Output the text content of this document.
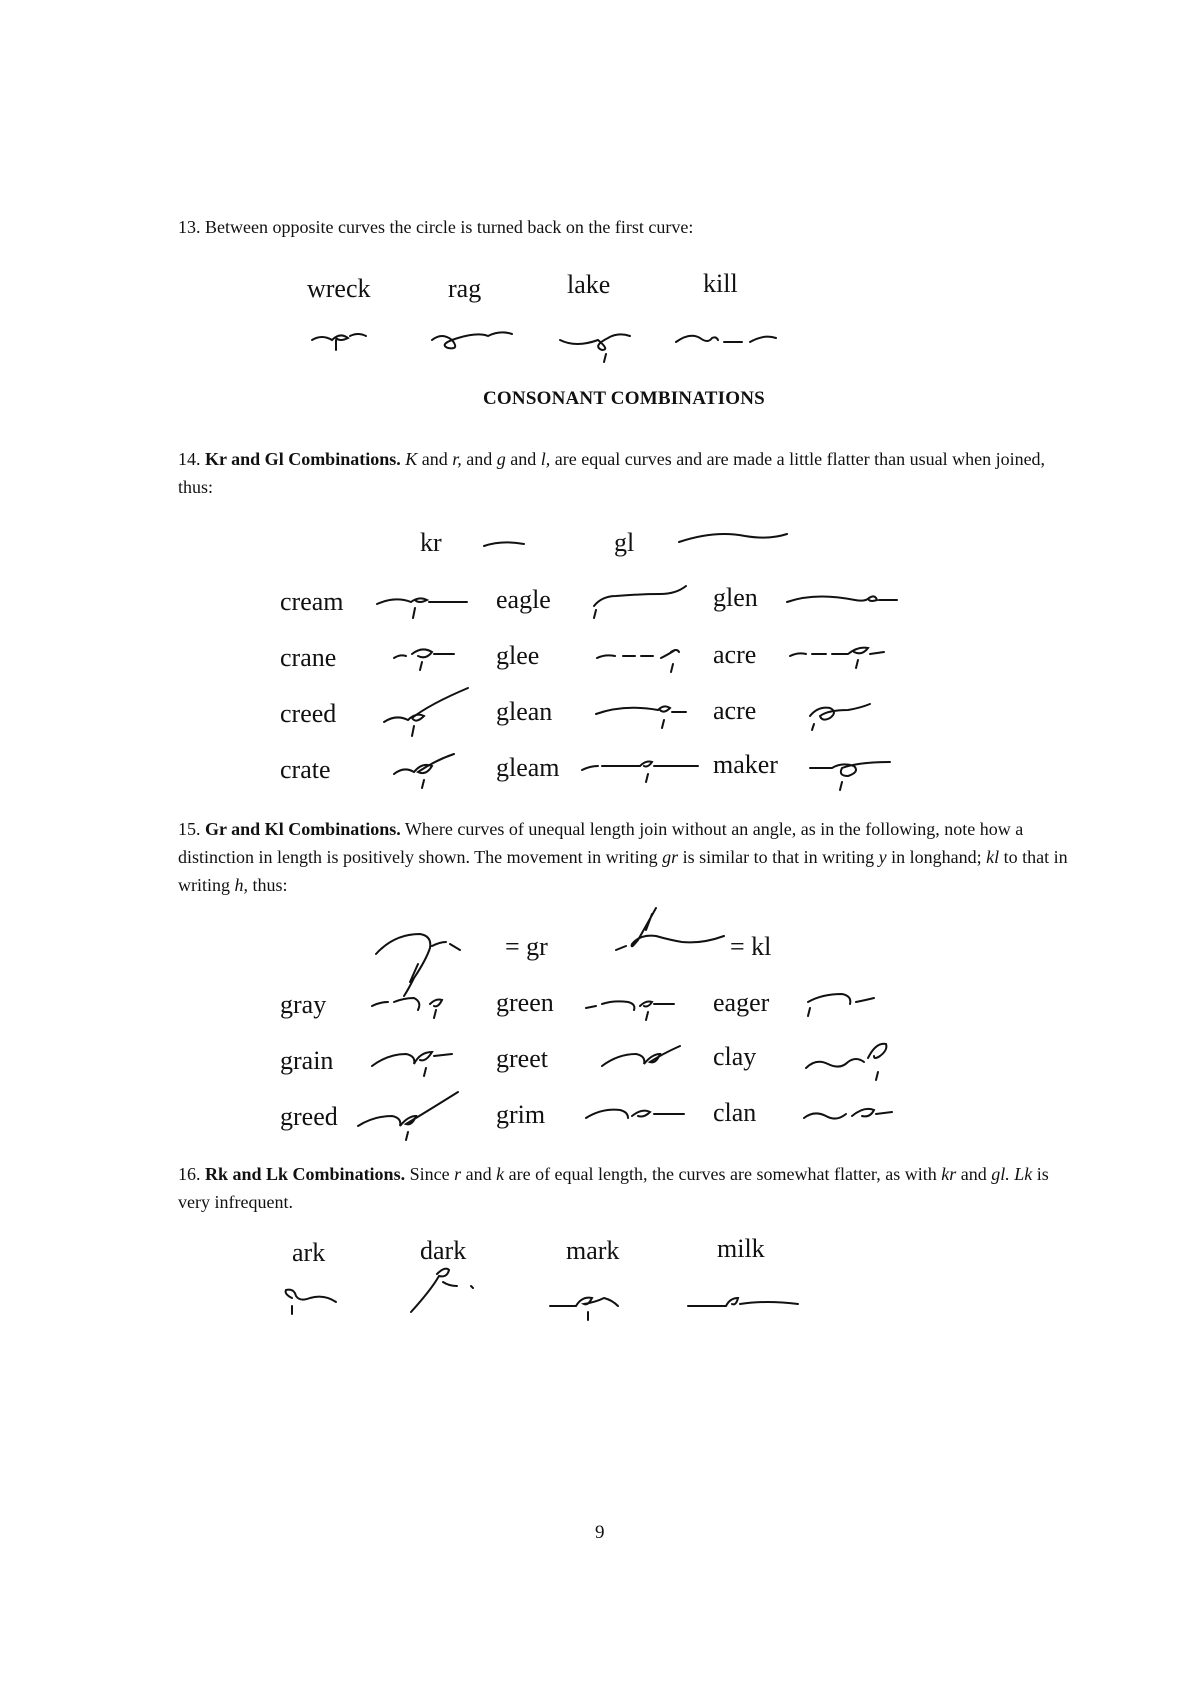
13. Between opposite curves the circle is turned back on the first curve:
wreck	rag	lake	kill
CONSONANT COMBINATIONS
14. Kr and Gl Combinations. K and r, and g and l, are equal curves and are made a little flatter than usual when joined, thus:
kr	gl
cream	eagle	glen
crane	glee	acre
creed	glean	acre
crate	gleam	maker
15. Gr and Kl Combinations. Where curves of unequal length join without an angle, as in the following, note how a distinction in length is positively shown. The movement in writing gr is similar to that in writing y in longhand; kl to that in writing h, thus:
= gr	= kl
gray	green	eager
grain	greet	clay
greed	grim	clan
16. Rk and Lk Combinations. Since r and k are of equal length, the curves are somewhat flatter, as with kr and gl. Lk is very infrequent.
ark	dark	mark	milk
9
